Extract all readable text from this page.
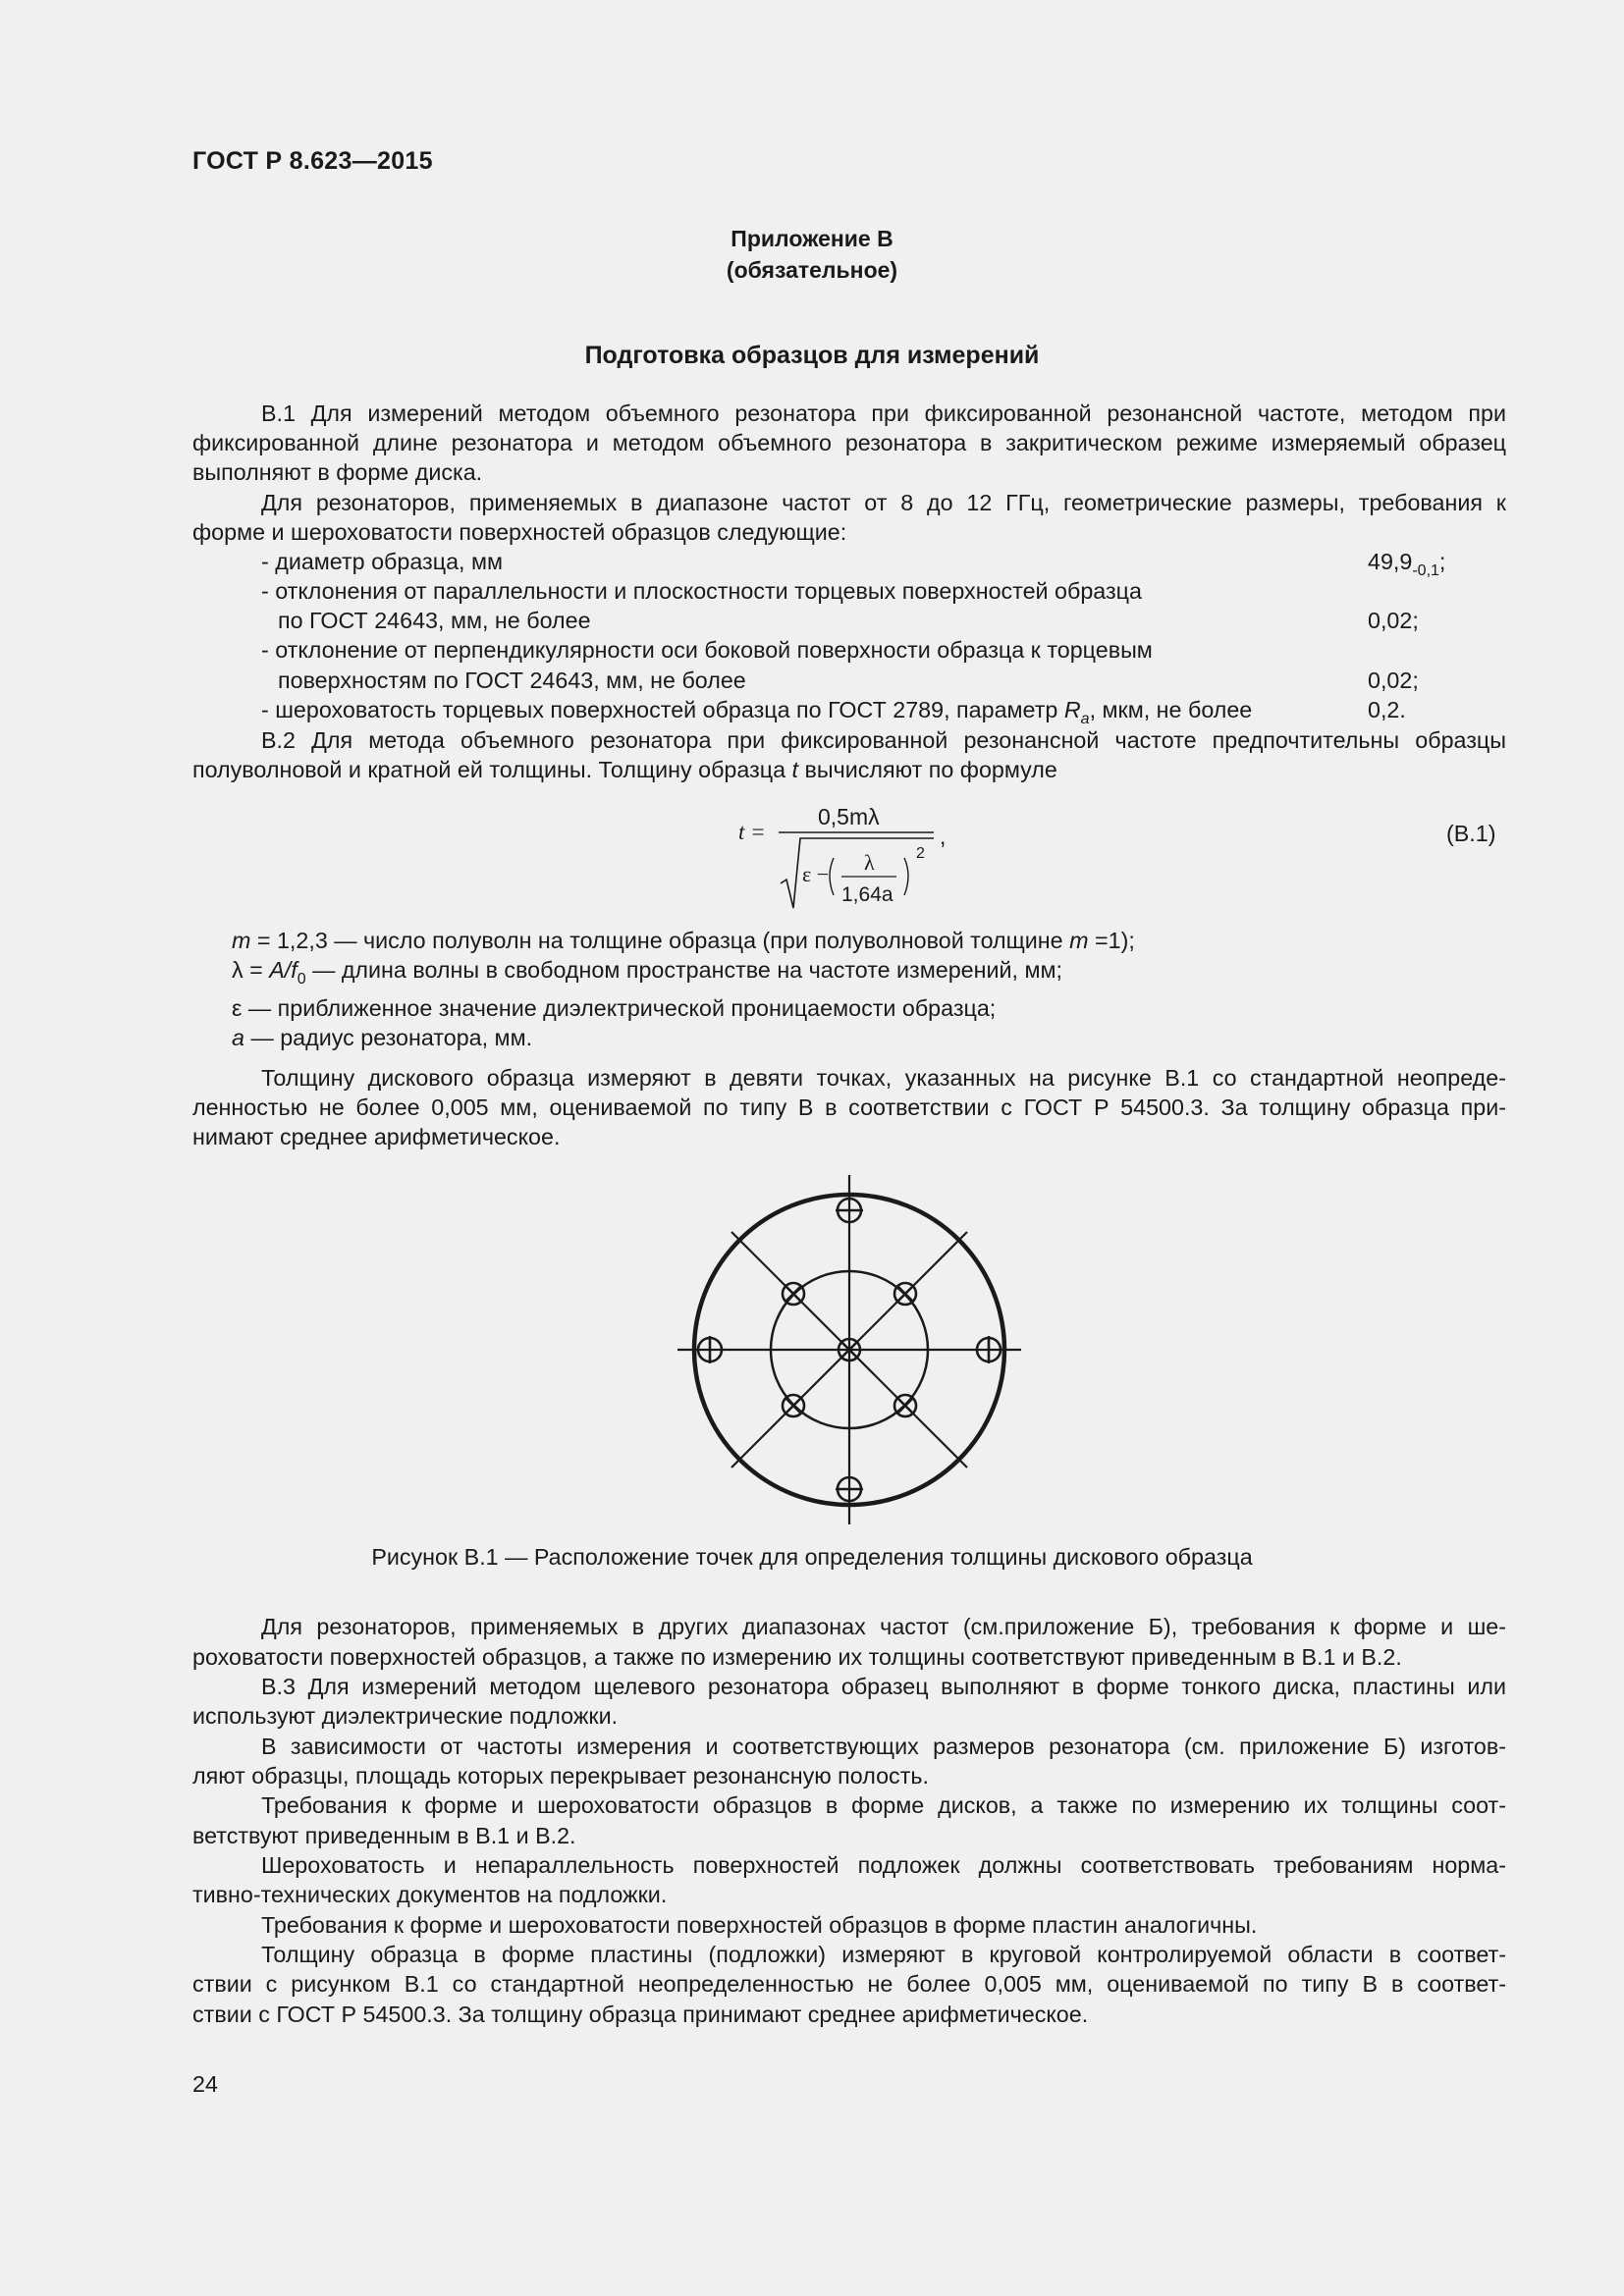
ГОСТ Р 8.623—2015
Приложение В
(обязательное)
Подготовка образцов для измерений
В.1 Для измерений методом объемного резонатора при фиксированной резонансной частоте, методом при
фиксированной длине резонатора и методом объемного резонатора в закритическом режиме измеряемый образец
выполняют в форме диска.
Для резонаторов, применяемых в диапазоне частот от 8 до 12 ГГц, геометрические размеры, требования к
форме и шероховатости поверхностей образцов следующие:
- диаметр образца, мм	$49,9_{-0,1}$;
- отклонения от параллельности и плоскостности торцевых поверхностей образца
по ГОСТ 24643, мм, не более	0,02;
- отклонение от перпендикулярности оси боковой поверхности образца к торцевым
поверхностям по ГОСТ 24643, мм, не более	0,02;
- шероховатость торцевых поверхностей образца по ГОСТ 2789, параметр $R_a$, мкм, не более	0,2.
В.2 Для метода объемного резонатора при фиксированной резонансной частоте предпочтительны образцы
полуволновой и кратной ей толщины. Толщину образца t вычисляют по формуле
t =
0,5mλ
ε − λ
1,64a
2
,	(В.1)
m = 1,2,3 — число полуволн на толщине образца (при полуволновой толщине m =1);
$\lambda = A/f_0$ — длина волны в свободном пространстве на частоте измерений, мм;
ε — приближенное значение диэлектрической проницаемости образца;
а — радиус резонатора, мм.
Толщину дискового образца измеряют в девяти точках, указанных на рисунке В.1 со стандартной неопреде-
ленностью не более 0,005 мм, оцениваемой по типу В в соответствии с ГОСТ Р 54500.3. За толщину образца при-
нимают среднее арифметическое.
Рисунок В.1 — Расположение точек для определения толщины дискового образца
Для резонаторов, применяемых в других диапазонах частот (см.приложение Б), требования к форме и ше-
роховатости поверхностей образцов, а также по измерению их толщины соответствуют приведенным в В.1 и В.2.
В.3 Для измерений методом щелевого резонатора образец выполняют в форме тонкого диска, пластины или
используют диэлектрические подложки.
В зависимости от частоты измерения и соответствующих размеров резонатора (см. приложение Б) изготов-
ляют образцы, площадь которых перекрывает резонансную полость.
Требования к форме и шероховатости образцов в форме дисков, а также по измерению их толщины соот-
ветствуют приведенным в В.1 и В.2.
Шероховатость и непараллельность поверхностей подложек должны соответствовать требованиям норма-
тивно-технических документов на подложки.
Требования к форме и шероховатости поверхностей образцов в форме пластин аналогичны.
Толщину образца в форме пластины (подложки) измеряют в круговой контролируемой области в соответ-
ствии с рисунком В.1 со стандартной неопределенностью не более 0,005 мм, оцениваемой по типу В в соответ-
ствии с ГОСТ Р 54500.3. За толщину образца принимают среднее арифметическое.
24
